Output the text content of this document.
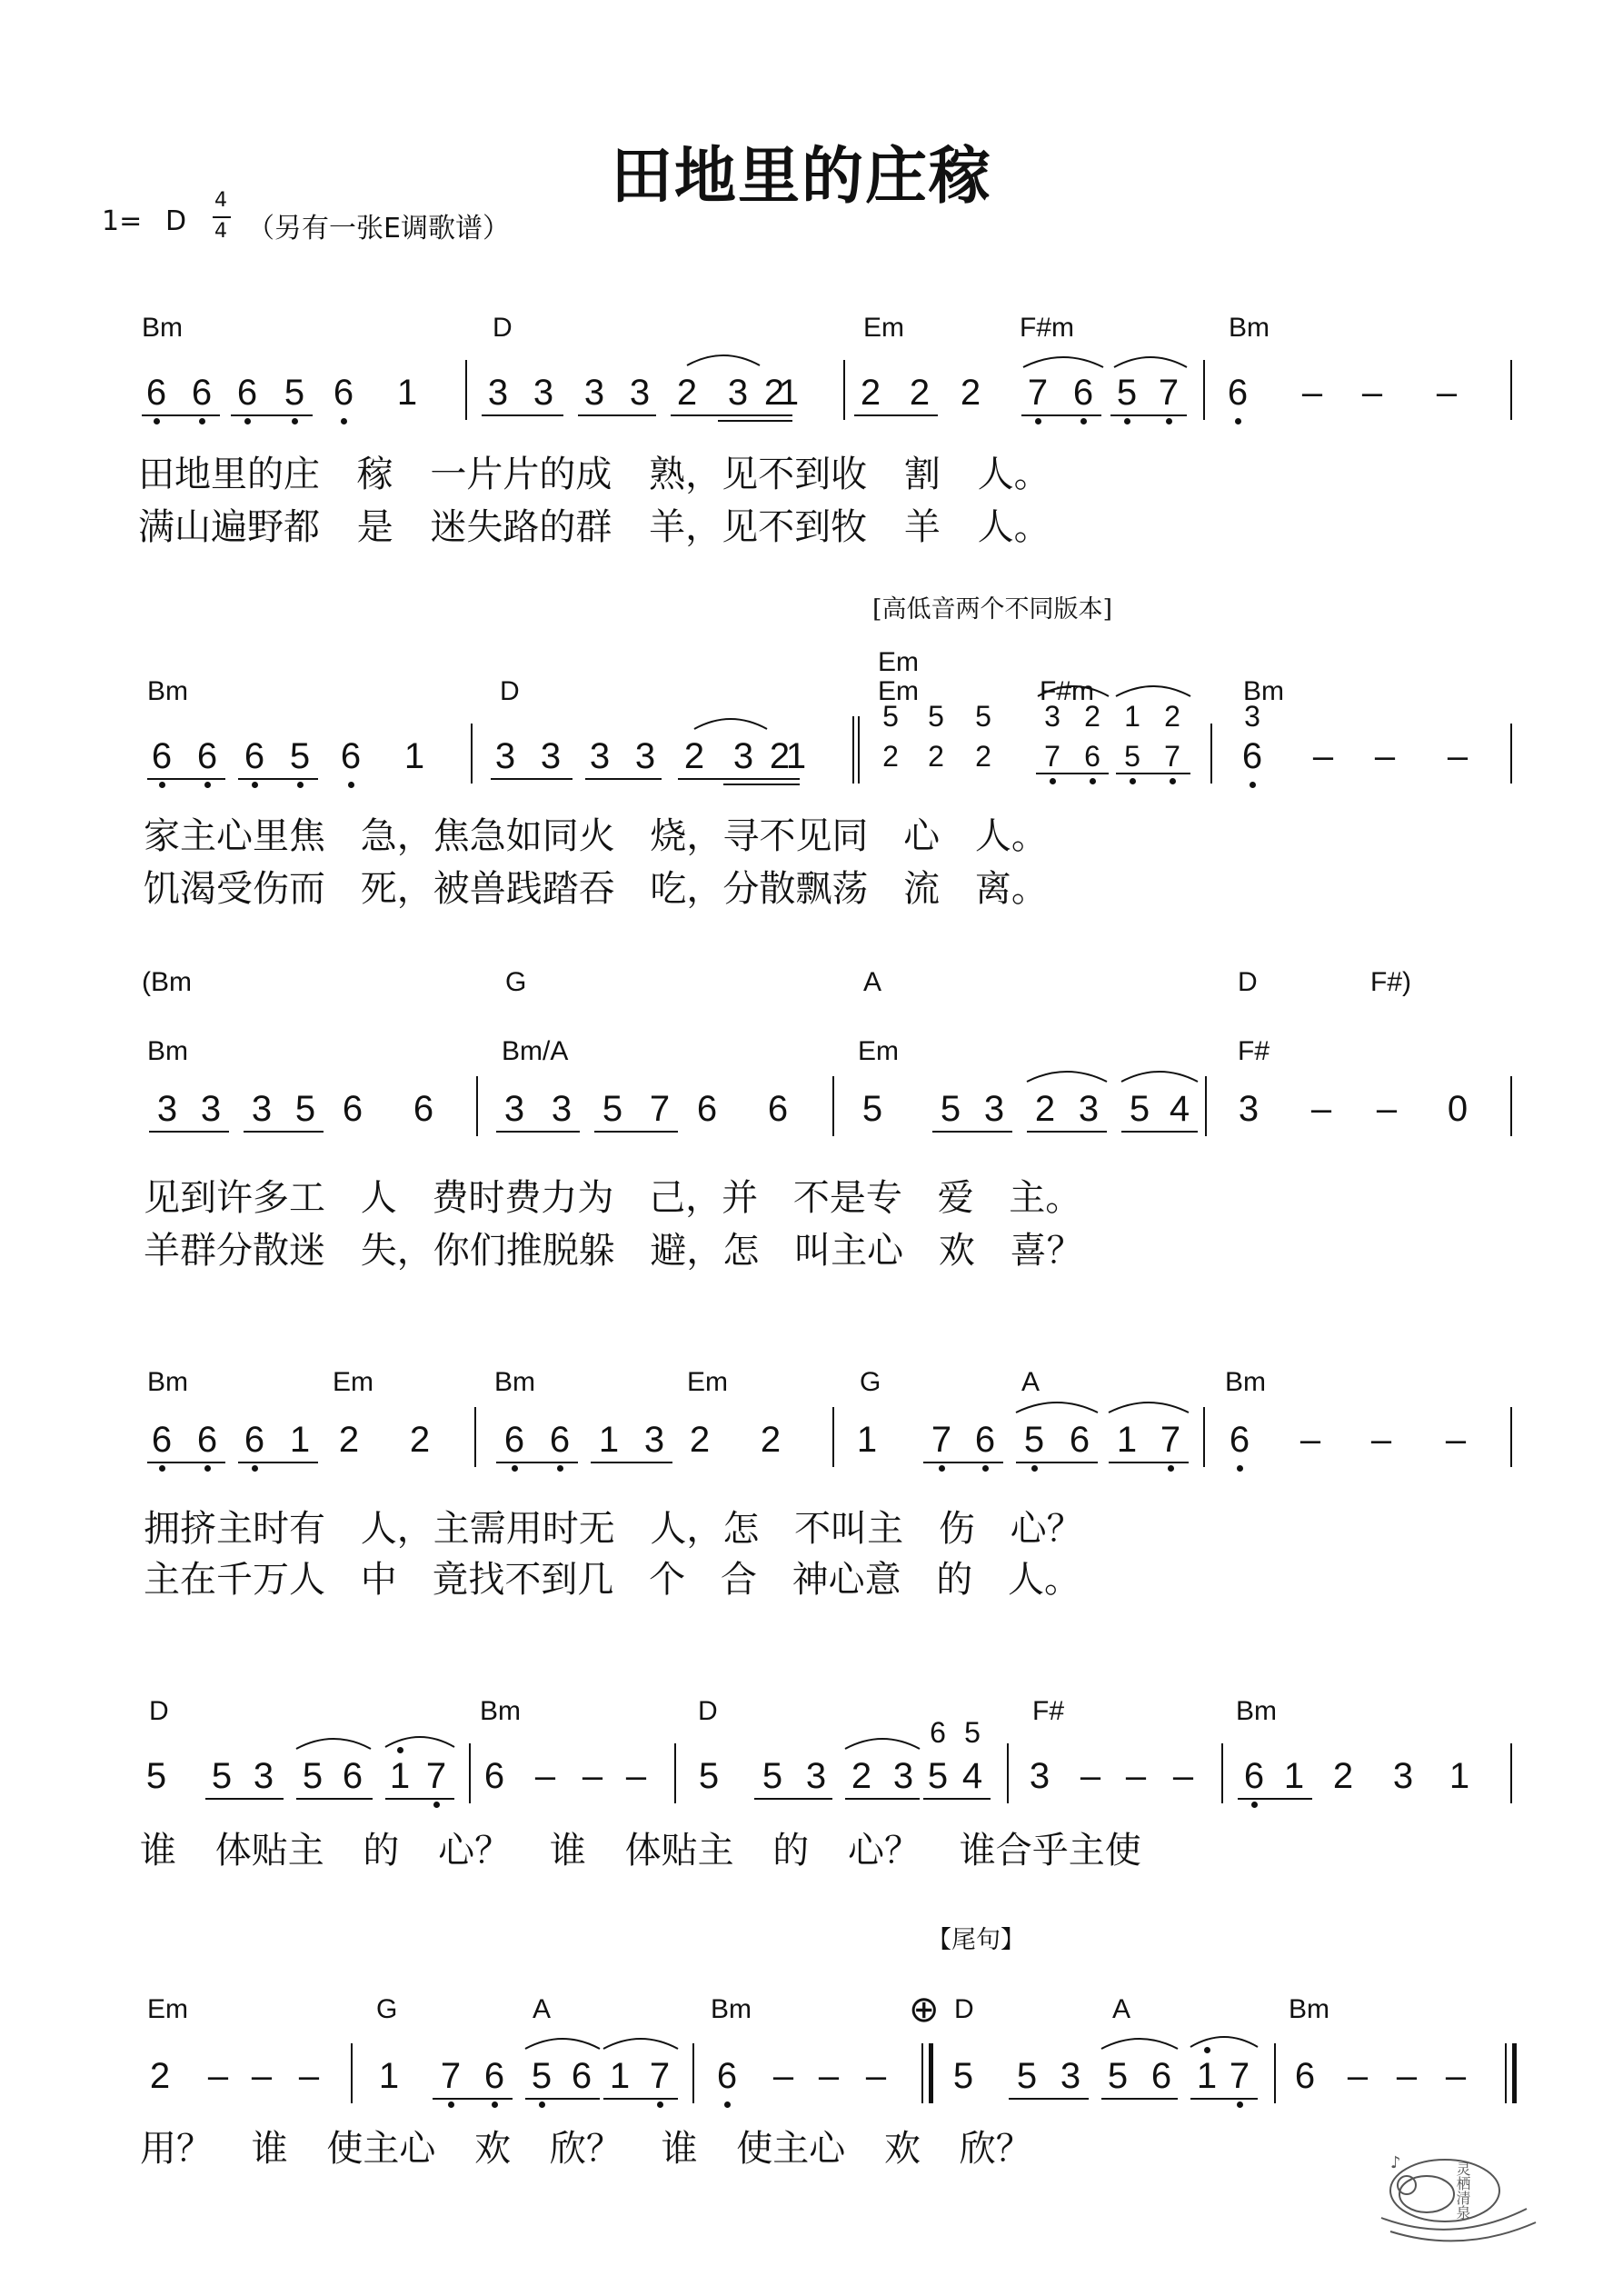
田地里的庄稼
1= D
4
4 （另有一张E调歌谱）
Bm	D	Em	F#m	Bm
6 6 6 5 6 1 3 3 3 3 2 3 2
1 2 2 2 7 6 5 7 6 – – –
田地里的庄 稼 一片片的成 熟，见不到收 割 人。
满山遍野都 是 迷失路的群 羊，见不到牧 羊 人。
[高低音两个不同版本]
Bm	D	Em	F#m	Bm
Em
6 6 6 5 6 1 3 3 3 3 2 3 2
1	6 – – –
5 5 5 3 2 1 2
2 2 2 7 6 5 7
3
家主心里焦 急，焦急如同火 烧，寻不见同 心 人。
饥渴受伤而 死，被兽践踏吞 吃，分散飘荡 流 离。
(Bm	G	A	D	F#)
Bm	Bm/A	Em	F#
3 3 3 5 6 6 3 3 5 7 6 6 5 5 3 2 3 5 4 3 – – 0
见到许多工 人 费时费力为 己，并 不是专 爱 主。
羊群分散迷 失，你们推脱躲 避，怎 叫主心 欢 喜？
Bm	Em	Bm	Em	G	A	Bm
6 6 6 1 2 2 6 6 1 3 2 2 1 7 6 5 6 1 7 6 – – –
拥挤主时有 人，主需用时无 人，怎 不叫主 伤 心？
主在千万人 中 竟找不到几 个 合 神心意 的 人。
D	Bm	D	F#	Bm
5 5 3 5 6 1 7 6 – – – 5 5 3 2 3 5 4 3 – – – 6 1 2 3 1
6 5
谁 体贴主 的 心？ 谁 体贴主 的 心？ 谁合乎主使
【尾句】
⊕
Em	G	A	Bm	D	A	Bm
2 – – – 1 7 6 5 6 1 7 6 – – – 5 5 3 5 6 1 7 6 – – –
用？ 谁 使主心 欢 欣？ 谁 使主心 欢 欣？
灵栖清泉
♪
